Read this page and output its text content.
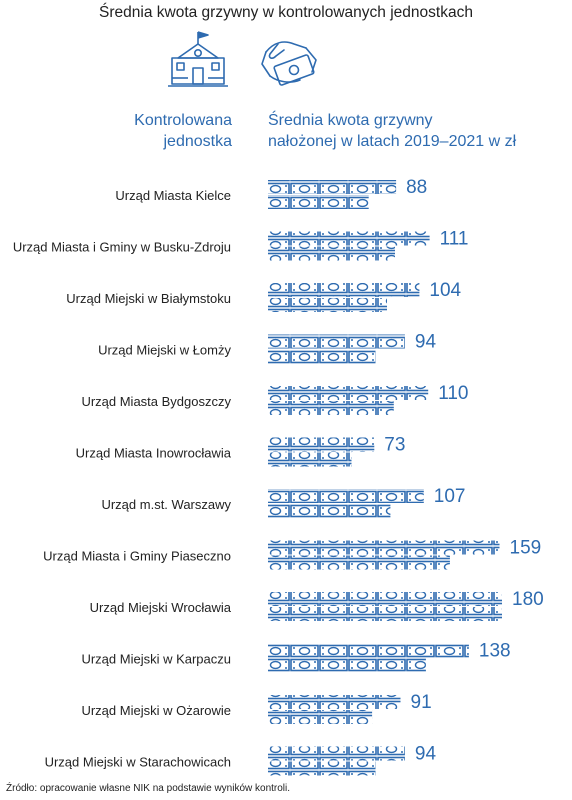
Średnia kwota grzywny w kontrolowanych jednostkach
Kontrolowana
jednostka
Średnia kwota grzywny
nałożonej w latach 2019–2021 w zł
Urząd Miasta Kielce	88
Urząd Miasta i Gminy w Busku-Zdroju	111
Urząd Miejski w Białymstoku	104
Urząd Miejski w Łomży	94
Urząd Miasta Bydgoszczy	110
Urząd Miasta Inowrocławia	73
Urząd m.st. Warszawy	107
Urząd Miasta i Gminy Piaseczno	159
Urząd Miejski Wrocławia	180
Urząd Miejski w Karpaczu	138
Urząd Miejski w Ożarowie	91
Urząd Miejski w Starachowicach	94
Źródło: opracowanie własne NIK na podstawie wyników kontroli.
